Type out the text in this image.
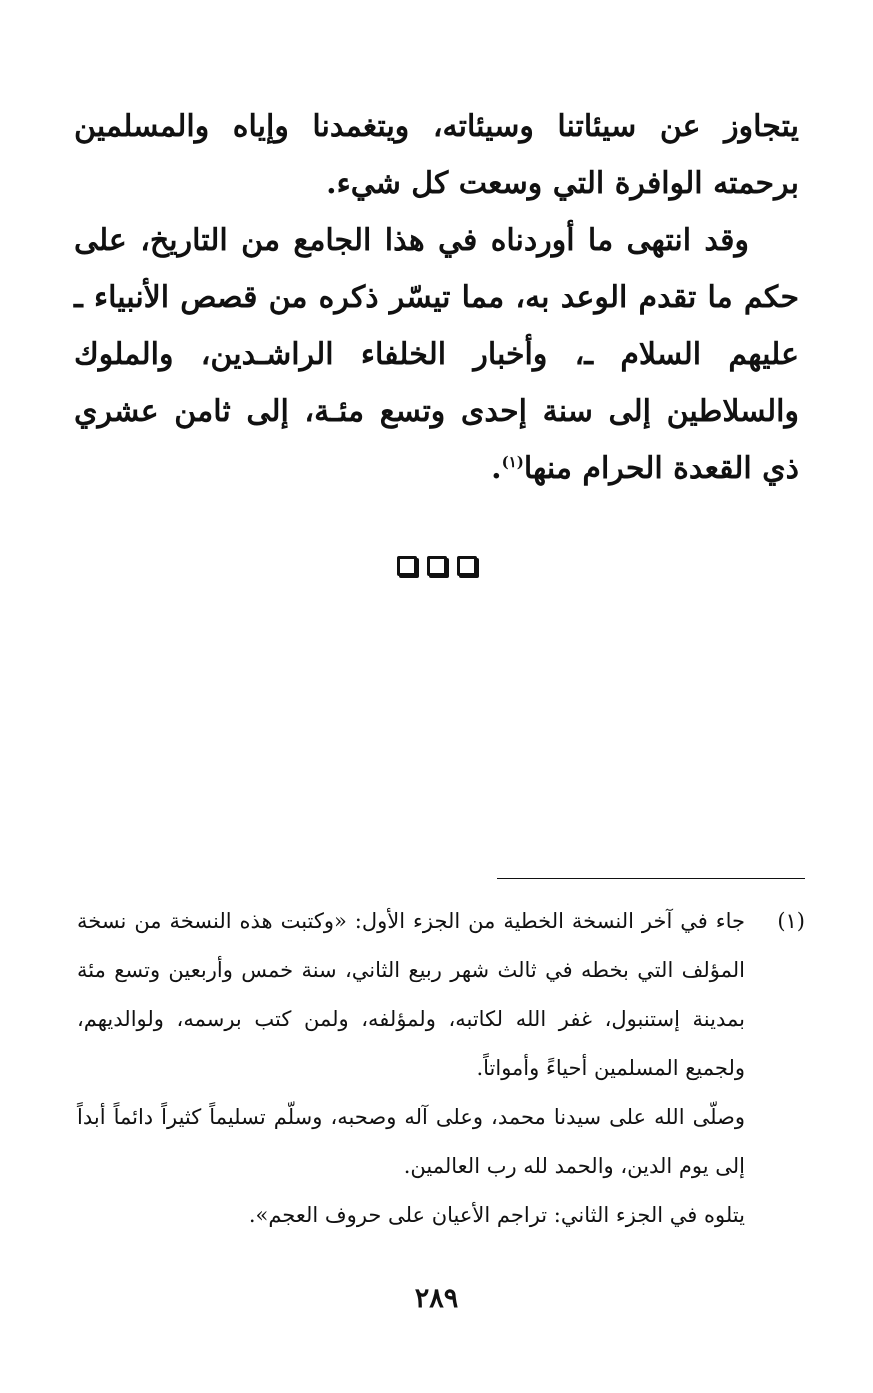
يتجاوز عن سيئاتنا وسيئاته، ويتغمدنا وإياه والمسلمين برحمته الوافرة التي وسعت كل شيء.

وقد انتهى ما أوردناه في هذا الجامع من التاريخ، على حكم ما تقدم الوعد به، مما تيسّر ذكره من قصص الأنبياء ـ عليهم السلام ـ، وأخبار الخلفاء الراشـدين، والملوك والسلاطين إلى سنة إحدى وتسع مئـة، إلى ثامن عشري ذي القعدة الحرام منها$^{(١)}$.

(١)

جاء في آخر النسخة الخطية من الجزء الأول: «وكتبت هذه النسخة من نسخة المؤلف التي بخطه في ثالث شهر ربيع الثاني، سنة خمس وأربعين وتسع مئة بمدينة إستنبول، غفر الله لكاتبه، ولمؤلفه، ولمن كتب برسمه، ولوالديهم، ولجميع المسلمين أحياءً وأمواتاً.

وصلّى الله على سيدنا محمد، وعلى آله وصحبه، وسلّم تسليماً كثيراً دائماً أبداً إلى يوم الدين، والحمد لله رب العالمين.

يتلوه في الجزء الثاني: تراجم الأعيان على حروف العجم».

٢٨٩
